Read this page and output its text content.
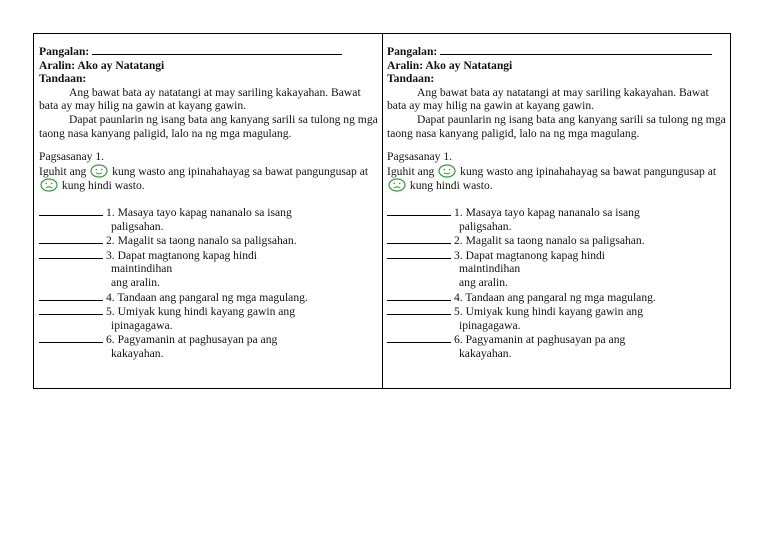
Pangalan:
Aralin: Ako ay Natatangi
Tandaan:
Ang bawat bata ay natatangi at may sariling kakayahan. Bawat bata ay may hilig na gawin at kayang gawin.
Dapat paunlarin ng isang bata ang kanyang sarili sa tulong ng mga taong nasa kanyang paligid, lalo na ng mga magulang.
Pagsasanay 1.
Iguhit ang kung wasto ang ipinahahayag sa bawat pangungusap at  kung hindi wasto.
1. Masaya tayo kapag nananalo sa isang
paligsahan.
2. Magalit sa taong nanalo sa paligsahan.
3. Dapat magtanong kapag hindi
maintindihan
ang aralin.
4. Tandaan ang pangaral ng mga magulang.
5. Umiyak kung hindi kayang gawin ang
ipinagagawa.
6. Pagyamanin at paghusayan pa ang
kakayahan.
Pangalan:
Aralin: Ako ay Natatangi
Tandaan:
Ang bawat bata ay natatangi at may sariling kakayahan. Bawat bata ay may hilig na gawin at kayang gawin.
Dapat paunlarin ng isang bata ang kanyang sarili sa tulong ng mga taong nasa kanyang paligid, lalo na ng mga magulang.
Pagsasanay 1.
Iguhit ang kung wasto ang ipinahahayag sa bawat pangungusap at  kung hindi wasto.
1. Masaya tayo kapag nananalo sa isang
paligsahan.
2. Magalit sa taong nanalo sa paligsahan.
3. Dapat magtanong kapag hindi
maintindihan
ang aralin.
4. Tandaan ang pangaral ng mga magulang.
5. Umiyak kung hindi kayang gawin ang
ipinagagawa.
6. Pagyamanin at paghusayan pa ang
kakayahan.
